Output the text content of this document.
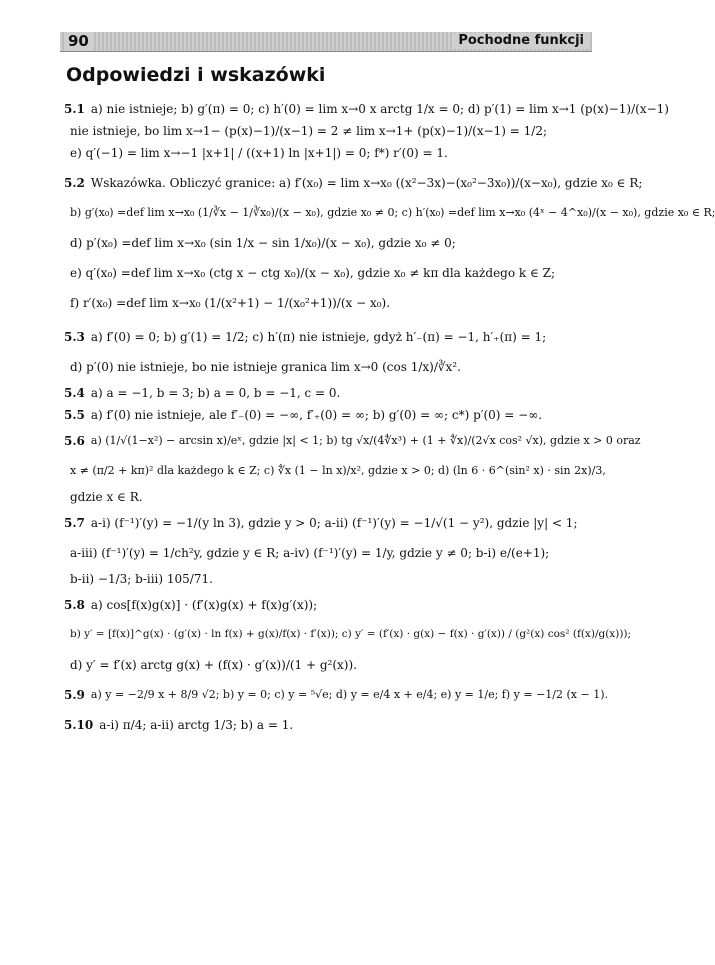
90	Pochodne funkcji
Odpowiedzi i wskazówki
5.1 a) nie istnieje; b) g′(π) = 0; c) h′(0) = lim x→0 x arctg 1/x = 0; d) p′(1) = lim x→1 (p(x)−1)/(x−1)
nie istnieje, bo lim x→1− (p(x)−1)/(x−1) = 2 ≠ lim x→1+ (p(x)−1)/(x−1) = 1/2;
e) q′(−1) = lim x→−1 |x+1| / ((x+1) ln |x+1|) = 0; f*) r′(0) = 1.
5.2 Wskazówka. Obliczyć granice: a) f′(x₀) = lim x→x₀ ((x²−3x)−(x₀²−3x₀))/(x−x₀), gdzie x₀ ∈ R;
b) g′(x₀) =def lim x→x₀ (1/∛x − 1/∛x₀)/(x − x₀), gdzie x₀ ≠ 0; c) h′(x₀) =def lim x→x₀ (4ˣ − 4^x₀)/(x − x₀), gdzie x₀ ∈ R;
d) p′(x₀) =def lim x→x₀ (sin 1/x − sin 1/x₀)/(x − x₀), gdzie x₀ ≠ 0;
e) q′(x₀) =def lim x→x₀ (ctg x − ctg x₀)/(x − x₀), gdzie x₀ ≠ kπ dla każdego k ∈ Z;
f) r′(x₀) =def lim x→x₀ (1/(x²+1) − 1/(x₀²+1))/(x − x₀).
5.3 a) f′(0) = 0; b) g′(1) = 1/2; c) h′(π) nie istnieje, gdyż h′₋(π) = −1, h′₊(π) = 1;
d) p′(0) nie istnieje, bo nie istnieje granica lim x→0 (cos 1/x)/∛x².
5.4 a) a = −1, b = 3; b) a = 0, b = −1, c = 0.
5.5 a) f′(0) nie istnieje, ale f′₋(0) = −∞, f′₊(0) = ∞; b) g′(0) = ∞; c*) p′(0) = −∞.
5.6 a) (1/√(1−x²) − arcsin x)/eˣ, gdzie |x| < 1; b) tg √x/(4∜x³) + (1 + ∜x)/(2√x cos² √x), gdzie x > 0 oraz
x ≠ (π/2 + kπ)² dla każdego k ∈ Z; c) ∜x (1 − ln x)/x², gdzie x > 0; d) (ln 6 · 6^(sin² x) · sin 2x)/3,
gdzie x ∈ R.
5.7 a-i) (f⁻¹)′(y) = −1/(y ln 3), gdzie y > 0; a-ii) (f⁻¹)′(y) = −1/√(1 − y²), gdzie |y| < 1;
a-iii) (f⁻¹)′(y) = 1/ch²y, gdzie y ∈ R; a-iv) (f⁻¹)′(y) = 1/y, gdzie y ≠ 0; b-i) e/(e+1);
b-ii) −1/3; b-iii) 105/71.
5.8 a) cos[f(x)g(x)] · (f′(x)g(x) + f(x)g′(x));
b) y′ = [f(x)]^g(x) · (g′(x) · ln f(x) + g(x)/f(x) · f′(x)); c) y′ = (f′(x) · g(x) − f(x) · g′(x)) / (g²(x) cos² (f(x)/g(x)));
d) y′ = f′(x) arctg g(x) + (f(x) · g′(x))/(1 + g²(x)).
5.9 a) y = −2/9 x + 8/9 √2; b) y = 0; c) y = ⁵√e; d) y = e/4 x + e/4; e) y = 1/e; f) y = −1/2 (x − 1).
5.10 a-i) π/4; a-ii) arctg 1/3; b) a = 1.
